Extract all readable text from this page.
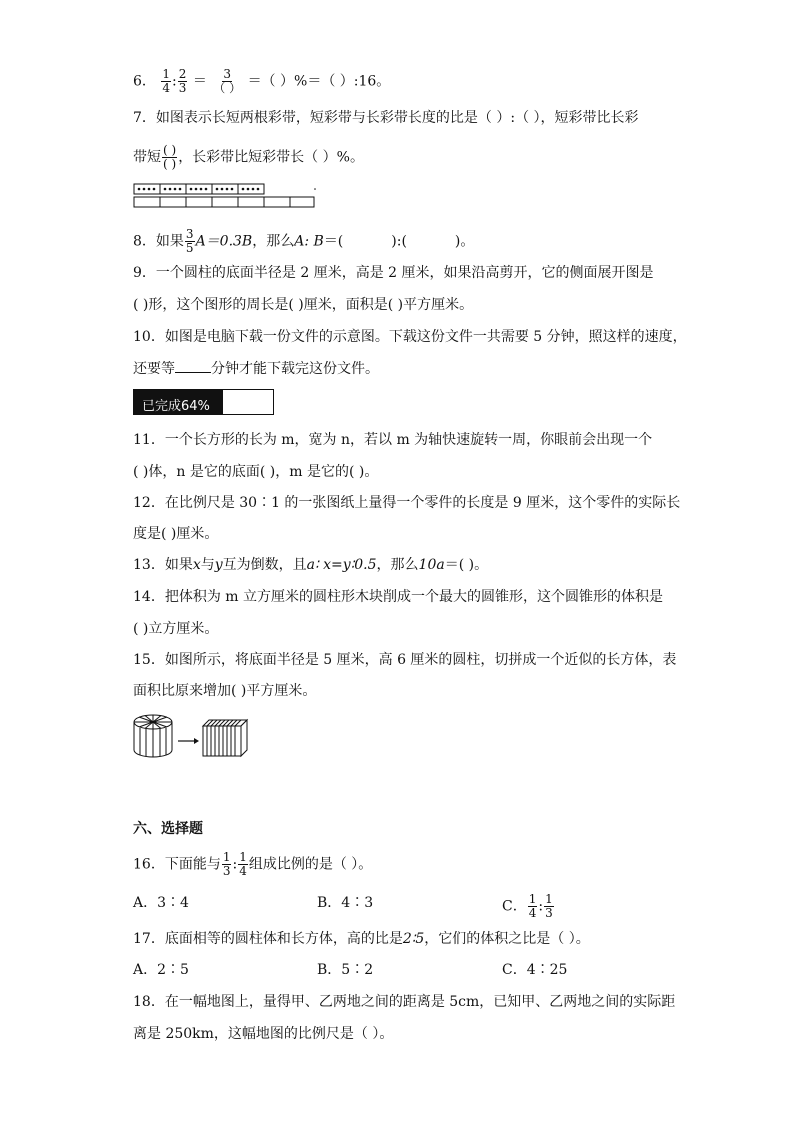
6． $\frac{1}{4}$ : $\frac{2}{3} = \frac{3}{( )}$ ＝（ ）%＝（ ）:16。
7．如图表示长短两根彩带，短彩带与长彩带长度的比是（ ）:（ ），短彩带比长彩
带短 $\frac{( )}{( )}$ ，长彩带比短彩带长（ ）%。
8．如果 $\frac{3}{5} A=0.3B$，那么A: B＝(	):(	)。
9．一个圆柱的底面半径是 2 厘米，高是 2 厘米，如果沿高剪开，它的侧面展开图是
( )形，这个图形的周长是( )厘米，面积是( )平方厘米。
10．如图是电脑下载一份文件的示意图。下载这份文件一共需要 5 分钟，照这样的速度，
还要等	分钟才能下载完这份文件。
已完成64%
11．一个长方形的长为 m，宽为 n，若以 m 为轴快速旋转一周，你眼前会出现一个
( )体，n 是它的底面( )，m 是它的( )。
12．在比例尺是 30∶1 的一张图纸上量得一个零件的长度是 9 厘米，这个零件的实际长
度是( )厘米。
13．如果x与y互为倒数，且a∶ x=y∶0.5，那么10a＝( )。
14．把体积为 m 立方厘米的圆柱形木块削成一个最大的圆锥形，这个圆锥形的体积是
( )立方厘米。
15．如图所示，将底面半径是 5 厘米，高 6 厘米的圆柱，切拼成一个近似的长方体，表
面积比原来增加( )平方厘米。
六、选择题
16．下面能与 $\frac{1}{3}$ : $\frac{1}{4}$ 组成比例的是（ ）。
A．3∶4	B．4∶3	C． $\frac{1}{4}$ : $\frac{1}{3}$
17．底面相等的圆柱体和长方体，高的比是2∶5，它们的体积之比是（ ）。
A．2∶5	B．5∶2	C．4∶25
18．在一幅地图上，量得甲、乙两地之间的距离是 5cm，已知甲、乙两地之间的实际距
离是 250km，这幅地图的比例尺是（ ）。
